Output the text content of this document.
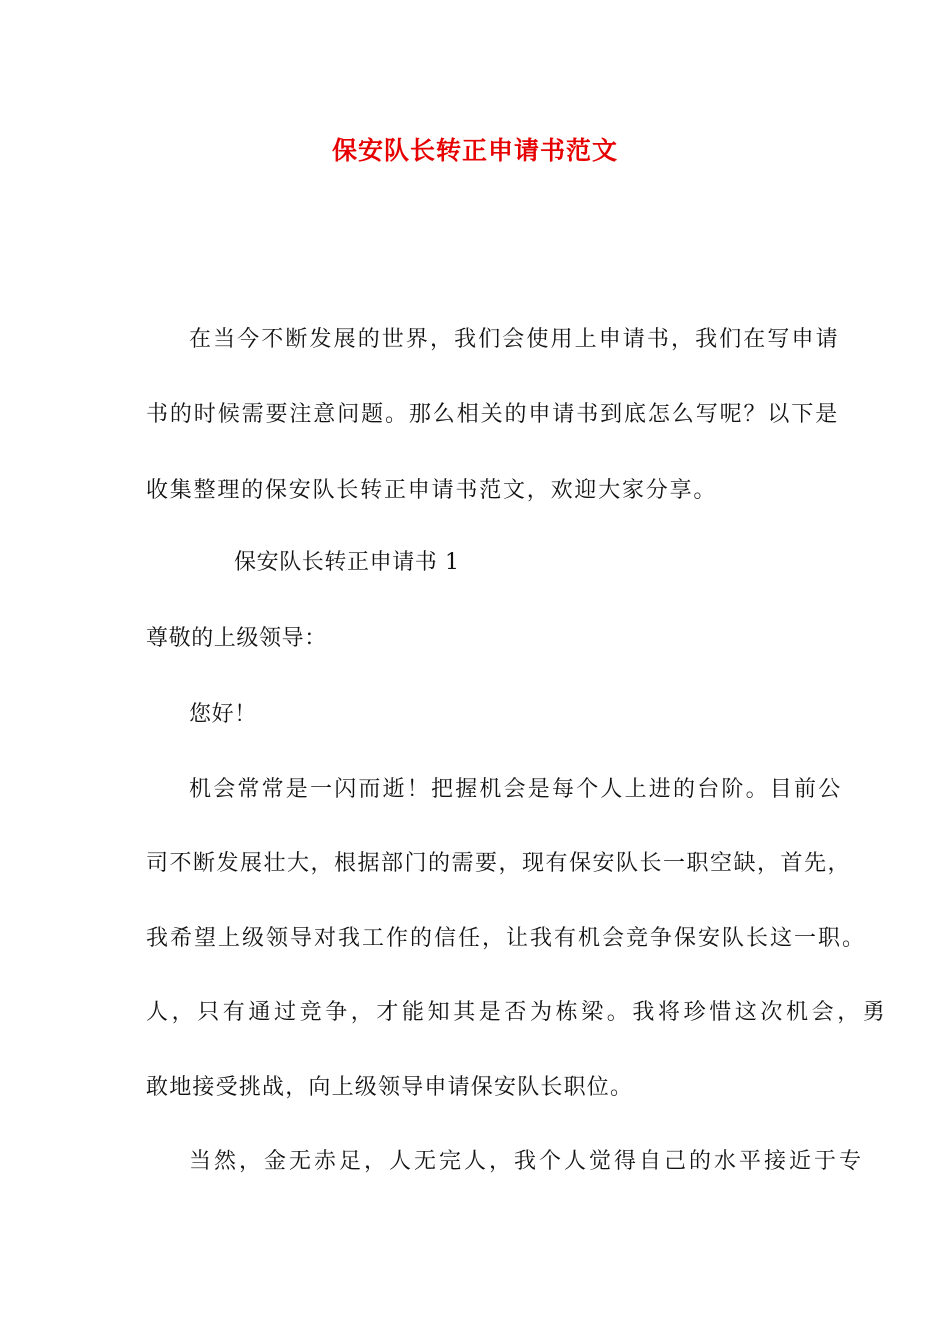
保安队长转正申请书范文
在当今不断发展的世界，我们会使用上申请书，我们在写申请
书的时候需要注意问题。那么相关的申请书到底怎么写呢？以下是
收集整理的保安队长转正申请书范文，欢迎大家分享。
保安队长转正申请书 1
尊敬的上级领导：
您好！
机会常常是一闪而逝！把握机会是每个人上进的台阶。目前公
司不断发展壮大，根据部门的需要，现有保安队长一职空缺，首先，
我希望上级领导对我工作的信任，让我有机会竞争保安队长这一职。
人，只有通过竞争，才能知其是否为栋梁。我将珍惜这次机会，勇
敢地接受挑战，向上级领导申请保安队长职位。
当然，金无赤足，人无完人，我个人觉得自己的水平接近于专
